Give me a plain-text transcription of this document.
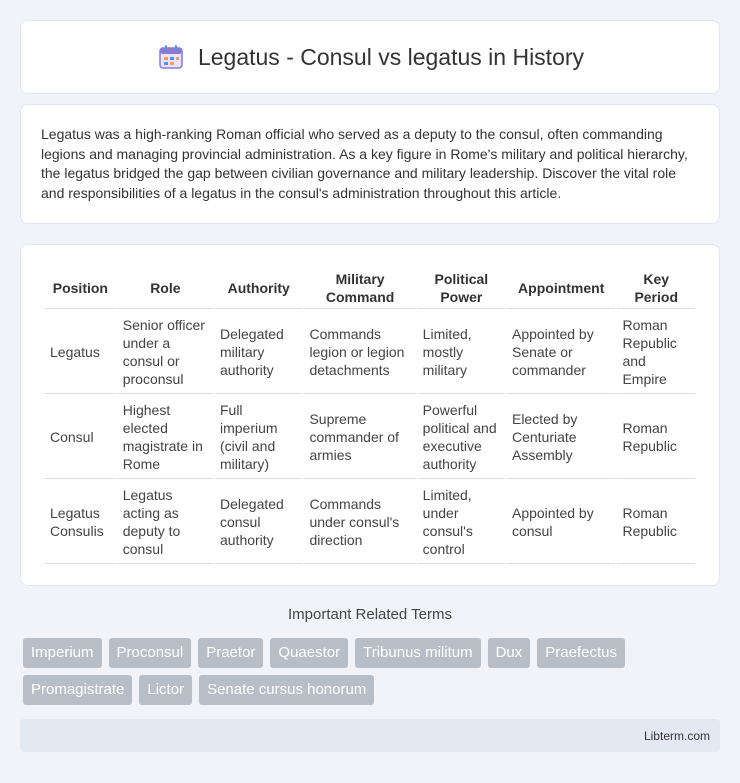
Legatus - Consul vs legatus in History

Legatus was a high-ranking Roman official who served as a deputy to the consul, often commanding legions and managing provincial administration. As a key figure in Rome's military and political hierarchy, the legatus bridged the gap between civilian governance and military leadership. Discover the vital role and responsibilities of a legatus in the consul's administration throughout this article.

Position	Role	Authority	Military Command	Political Power	Appointment	Key Period
Legatus	Senior officer under a consul or proconsul	Delegated military authority	Commands legion or legion detachments	Limited, mostly military	Appointed by Senate or commander	Roman Republic and Empire
Consul	Highest elected magistrate in Rome	Full imperium (civil and military)	Supreme commander of armies	Powerful political and executive authority	Elected by Centuriate Assembly	Roman Republic
Legatus Consulis	Legatus acting as deputy to consul	Delegated consul authority	Commands under consul's direction	Limited, under consul's control	Appointed by consul	Roman Republic
Important Related Terms
Imperium	Proconsul	Praetor	Quaestor	Tribunus militum	Dux	Praefectus
Promagistrate	Lictor	Senate cursus honorum
Libterm.com
